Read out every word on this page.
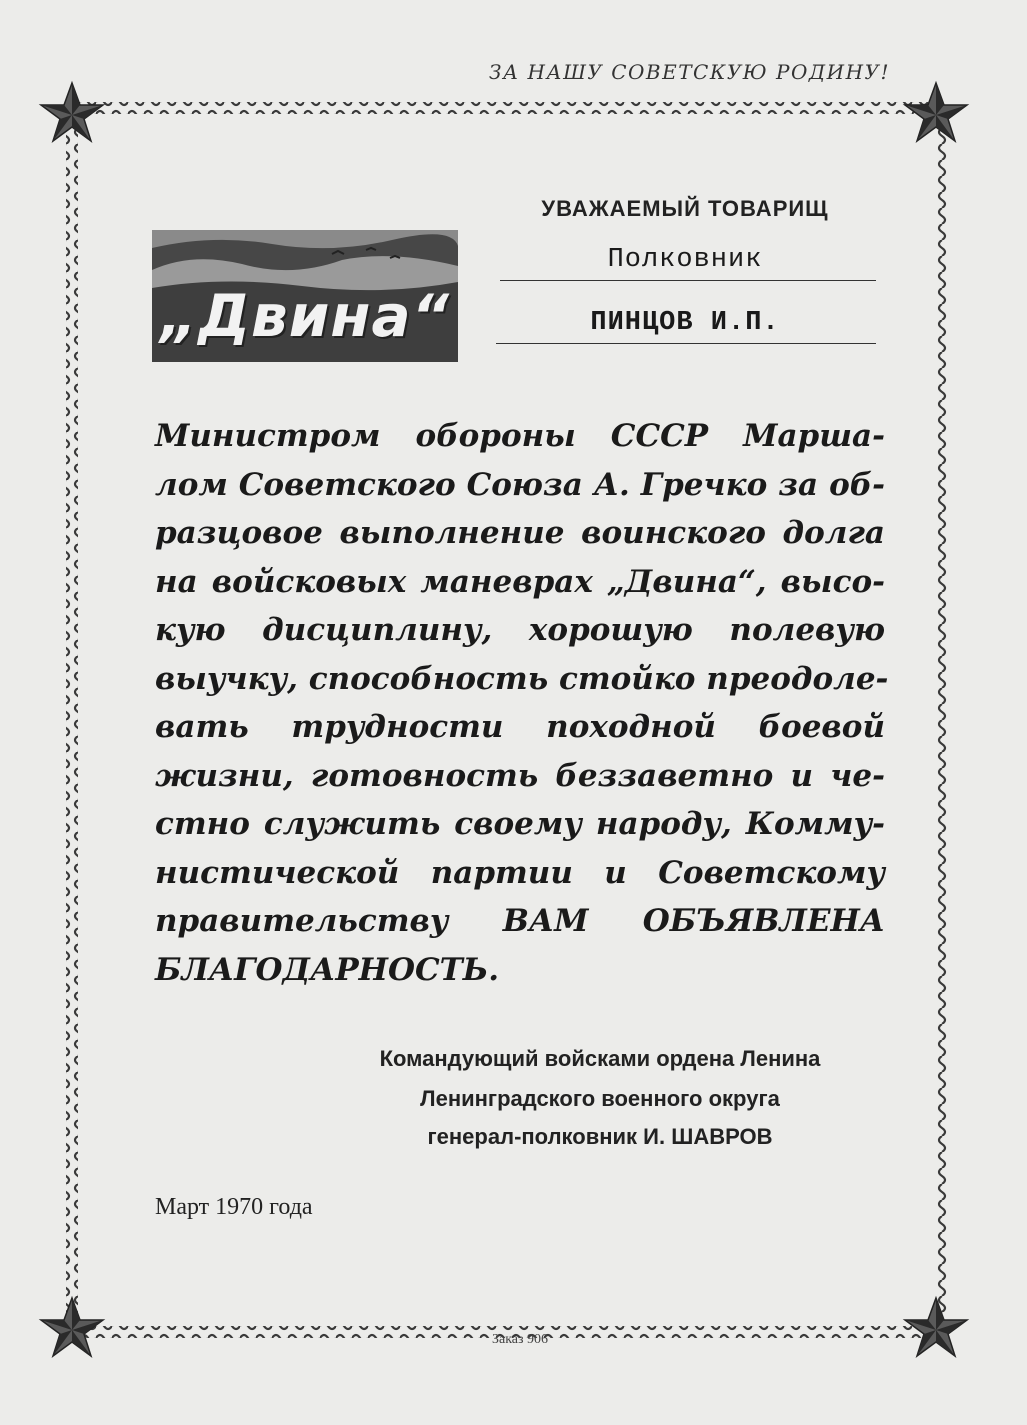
ЗА НАШУ СОВЕТСКУЮ РОДИНУ!
„Двина“
УВАЖАЕМЫЙ ТОВАРИЩ
Полковник
ПИНЦОВ И.П.
Министром обороны СССР Марша-
лом Советского Союза А. Гречко за об-
разцовое выполнение воинского долга
на войсковых маневрах „Двина“, высо-
кую дисциплину, хорошую полевую
выучку, способность стойко преодоле-
вать трудности походной боевой
жизни, готовность беззаветно и че-
стно служить своему народу, Комму-
нистической партии и Советскому
правительству ВАМ ОБЪЯВЛЕНА
БЛАГОДАРНОСТЬ.
Командующий войсками ордена Ленина
Ленинградского военного округа
генерал-полковник И. ШАВРОВ
Март 1970 года
Заказ 906
